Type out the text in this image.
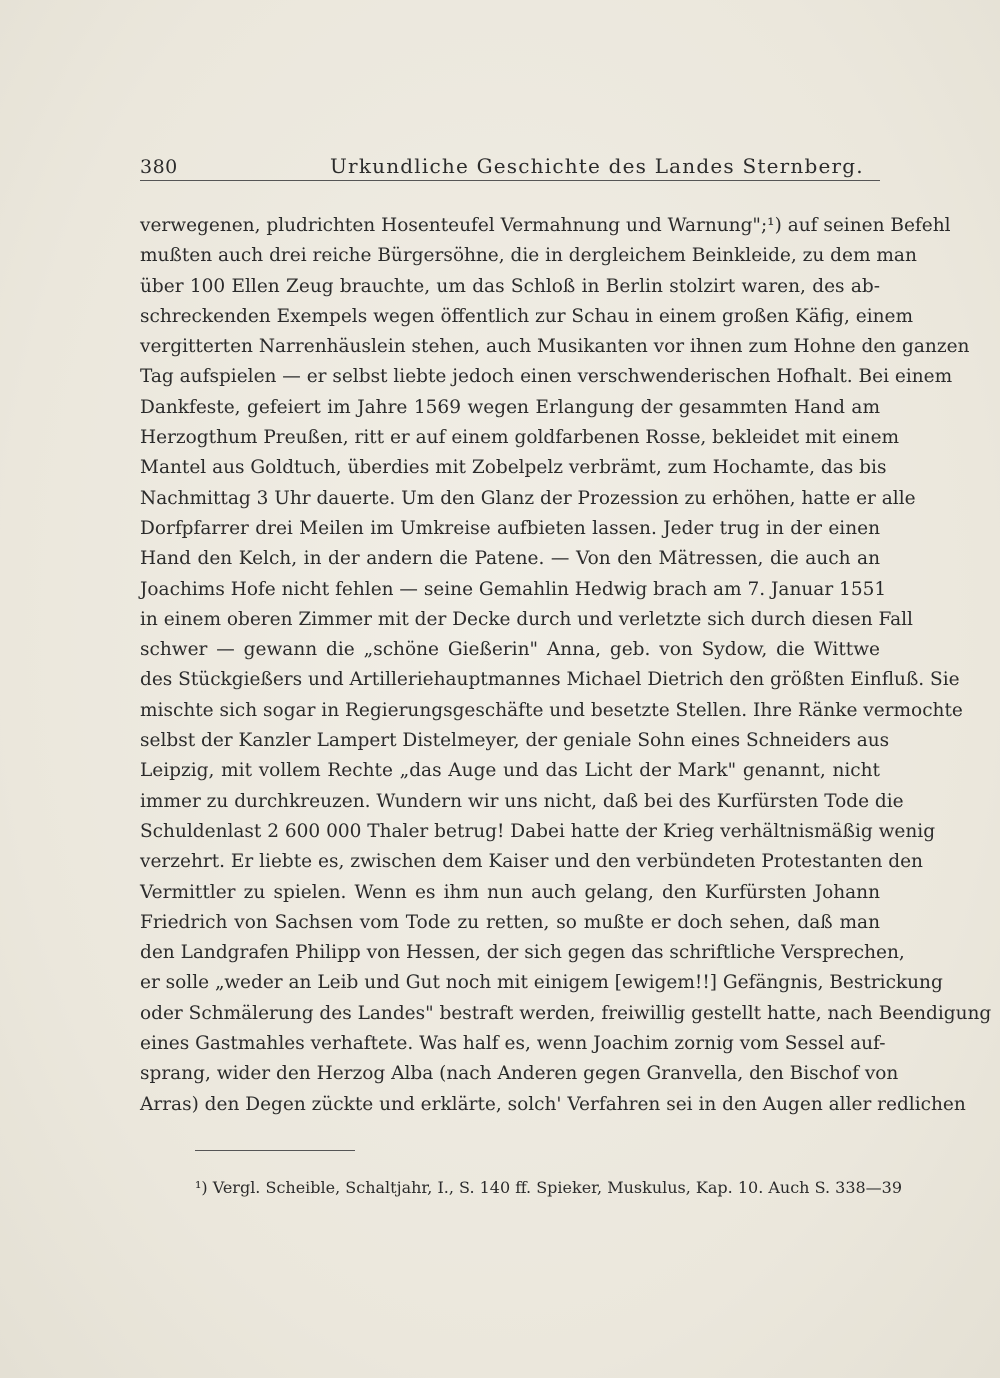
380	Urkundliche Geschichte des Landes Sternberg.
verwegenen, pludrichten Hosenteufel Vermahnung und Warnung";¹) auf seinen Befehl
mußten auch drei reiche Bürgersöhne, die in dergleichem Beinkleide, zu dem man
über 100 Ellen Zeug brauchte, um das Schloß in Berlin stolzirt waren, des ab-
schreckenden Exempels wegen öffentlich zur Schau in einem großen Käfig, einem
vergitterten Narrenhäuslein stehen, auch Musikanten vor ihnen zum Hohne den ganzen
Tag aufspielen — er selbst liebte jedoch einen verschwenderischen Hofhalt. Bei einem
Dankfeste, gefeiert im Jahre 1569 wegen Erlangung der gesammten Hand am
Herzogthum Preußen, ritt er auf einem goldfarbenen Rosse, bekleidet mit einem
Mantel aus Goldtuch, überdies mit Zobelpelz verbrämt, zum Hochamte, das bis
Nachmittag 3 Uhr dauerte. Um den Glanz der Prozession zu erhöhen, hatte er alle
Dorfpfarrer drei Meilen im Umkreise aufbieten lassen. Jeder trug in der einen
Hand den Kelch, in der andern die Patene. — Von den Mätressen, die auch an
Joachims Hofe nicht fehlen — seine Gemahlin Hedwig brach am 7. Januar 1551
in einem oberen Zimmer mit der Decke durch und verletzte sich durch diesen Fall
schwer — gewann die „schöne Gießerin" Anna, geb. von Sydow, die Wittwe
des Stückgießers und Artilleriehauptmannes Michael Dietrich den größten Einfluß. Sie
mischte sich sogar in Regierungsgeschäfte und besetzte Stellen. Ihre Ränke vermochte
selbst der Kanzler Lampert Distelmeyer, der geniale Sohn eines Schneiders aus
Leipzig, mit vollem Rechte „das Auge und das Licht der Mark" genannt, nicht
immer zu durchkreuzen. Wundern wir uns nicht, daß bei des Kurfürsten Tode die
Schuldenlast 2 600 000 Thaler betrug! Dabei hatte der Krieg verhältnismäßig wenig
verzehrt. Er liebte es, zwischen dem Kaiser und den verbündeten Protestanten den
Vermittler zu spielen. Wenn es ihm nun auch gelang, den Kurfürsten Johann
Friedrich von Sachsen vom Tode zu retten, so mußte er doch sehen, daß man
den Landgrafen Philipp von Hessen, der sich gegen das schriftliche Versprechen,
er solle „weder an Leib und Gut noch mit einigem [ewigem!!] Gefängnis, Bestrickung
oder Schmälerung des Landes" bestraft werden, freiwillig gestellt hatte, nach Beendigung
eines Gastmahles verhaftete. Was half es, wenn Joachim zornig vom Sessel auf-
sprang, wider den Herzog Alba (nach Anderen gegen Granvella, den Bischof von
Arras) den Degen zückte und erklärte, solch' Verfahren sei in den Augen aller redlichen
¹) Vergl. Scheible, Schaltjahr, I., S. 140 ff. Spieker, Muskulus, Kap. 10. Auch S. 338—39
